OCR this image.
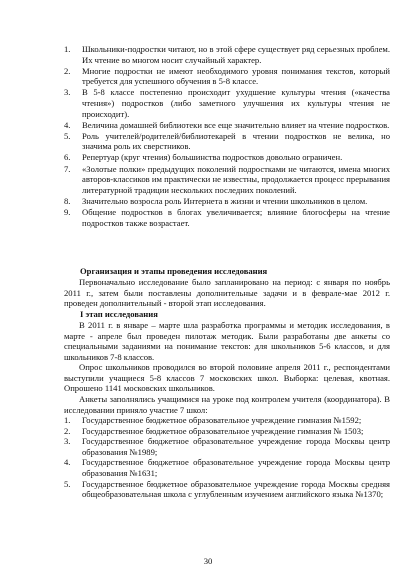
1. Школьники-подростки читают, но в этой сфере существует ряд серьезных проблем. Их чтение во многом носит случайный характер.
2. Многие подростки не имеют необходимого уровня понимания текстов, который требуется для успешного обучения в 5-8 классе.
3. В 5-8 классе постепенно происходит ухудшение культуры чтения («качества чтения») подростков (либо заметного улучшения их культуры чтения не происходит).
4. Величина домашней библиотеки все еще значительно влияет на чтение подростков.
5. Роль учителей/родителей/библиотекарей в чтении подростков не велика, но значима роль их сверстников.
6. Репертуар (круг чтения) большинства подростков довольно ограничен.
7. «Золотые полки» предыдущих поколений подростками не читаются, имена многих авторов-классиков им практически не известны, продолжается процесс прерывания литературной традиции нескольких последних поколений.
8. Значительно возросла роль Интернета в жизни и чтении школьников в целом.
9. Общение подростков в блогах увеличивается; влияние блогосферы на чтение подростков также возрастает.
Организация и этапы проведения исследования

Первоначально исследование было запланировано на период: с января по ноябрь 2011 г., затем были поставлены дополнительные задачи и в феврале-мае 2012 г. проведен дополнительный - второй этап исследования.

I этап исследования

В 2011 г. в январе – марте шла разработка программы и методик исследования, в марте - апреле был проведен пилотаж методик. Были разработаны две анкеты со специальными заданиями на понимание текстов: для школьников 5-6 классов, и для школьников 7-8 классов.

Опрос школьников проводился во второй половине апреля 2011 г., респондентами выступили учащиеся 5-8 классов 7 московских школ. Выборка: целевая, квотная. Опрошено 1141 московских школьников.

Анкеты заполнялись учащимися на уроке под контролем учителя (координатора). В исследовании приняло участие 7 школ:

1. Государственное бюджетное образовательное учреждение гимназия №1592;
2. Государственное бюджетное образовательное учреждение гимназия № 1503;
3. Государственное бюджетное образовательное учреждение города Москвы центр образования №1989;
4. Государственное бюджетное образовательное учреждение города Москвы центр образования №1631;
5. Государственное бюджетное образовательное учреждение города Москвы средняя общеобразовательная школа с углубленным изучением английского языка №1370;
30
